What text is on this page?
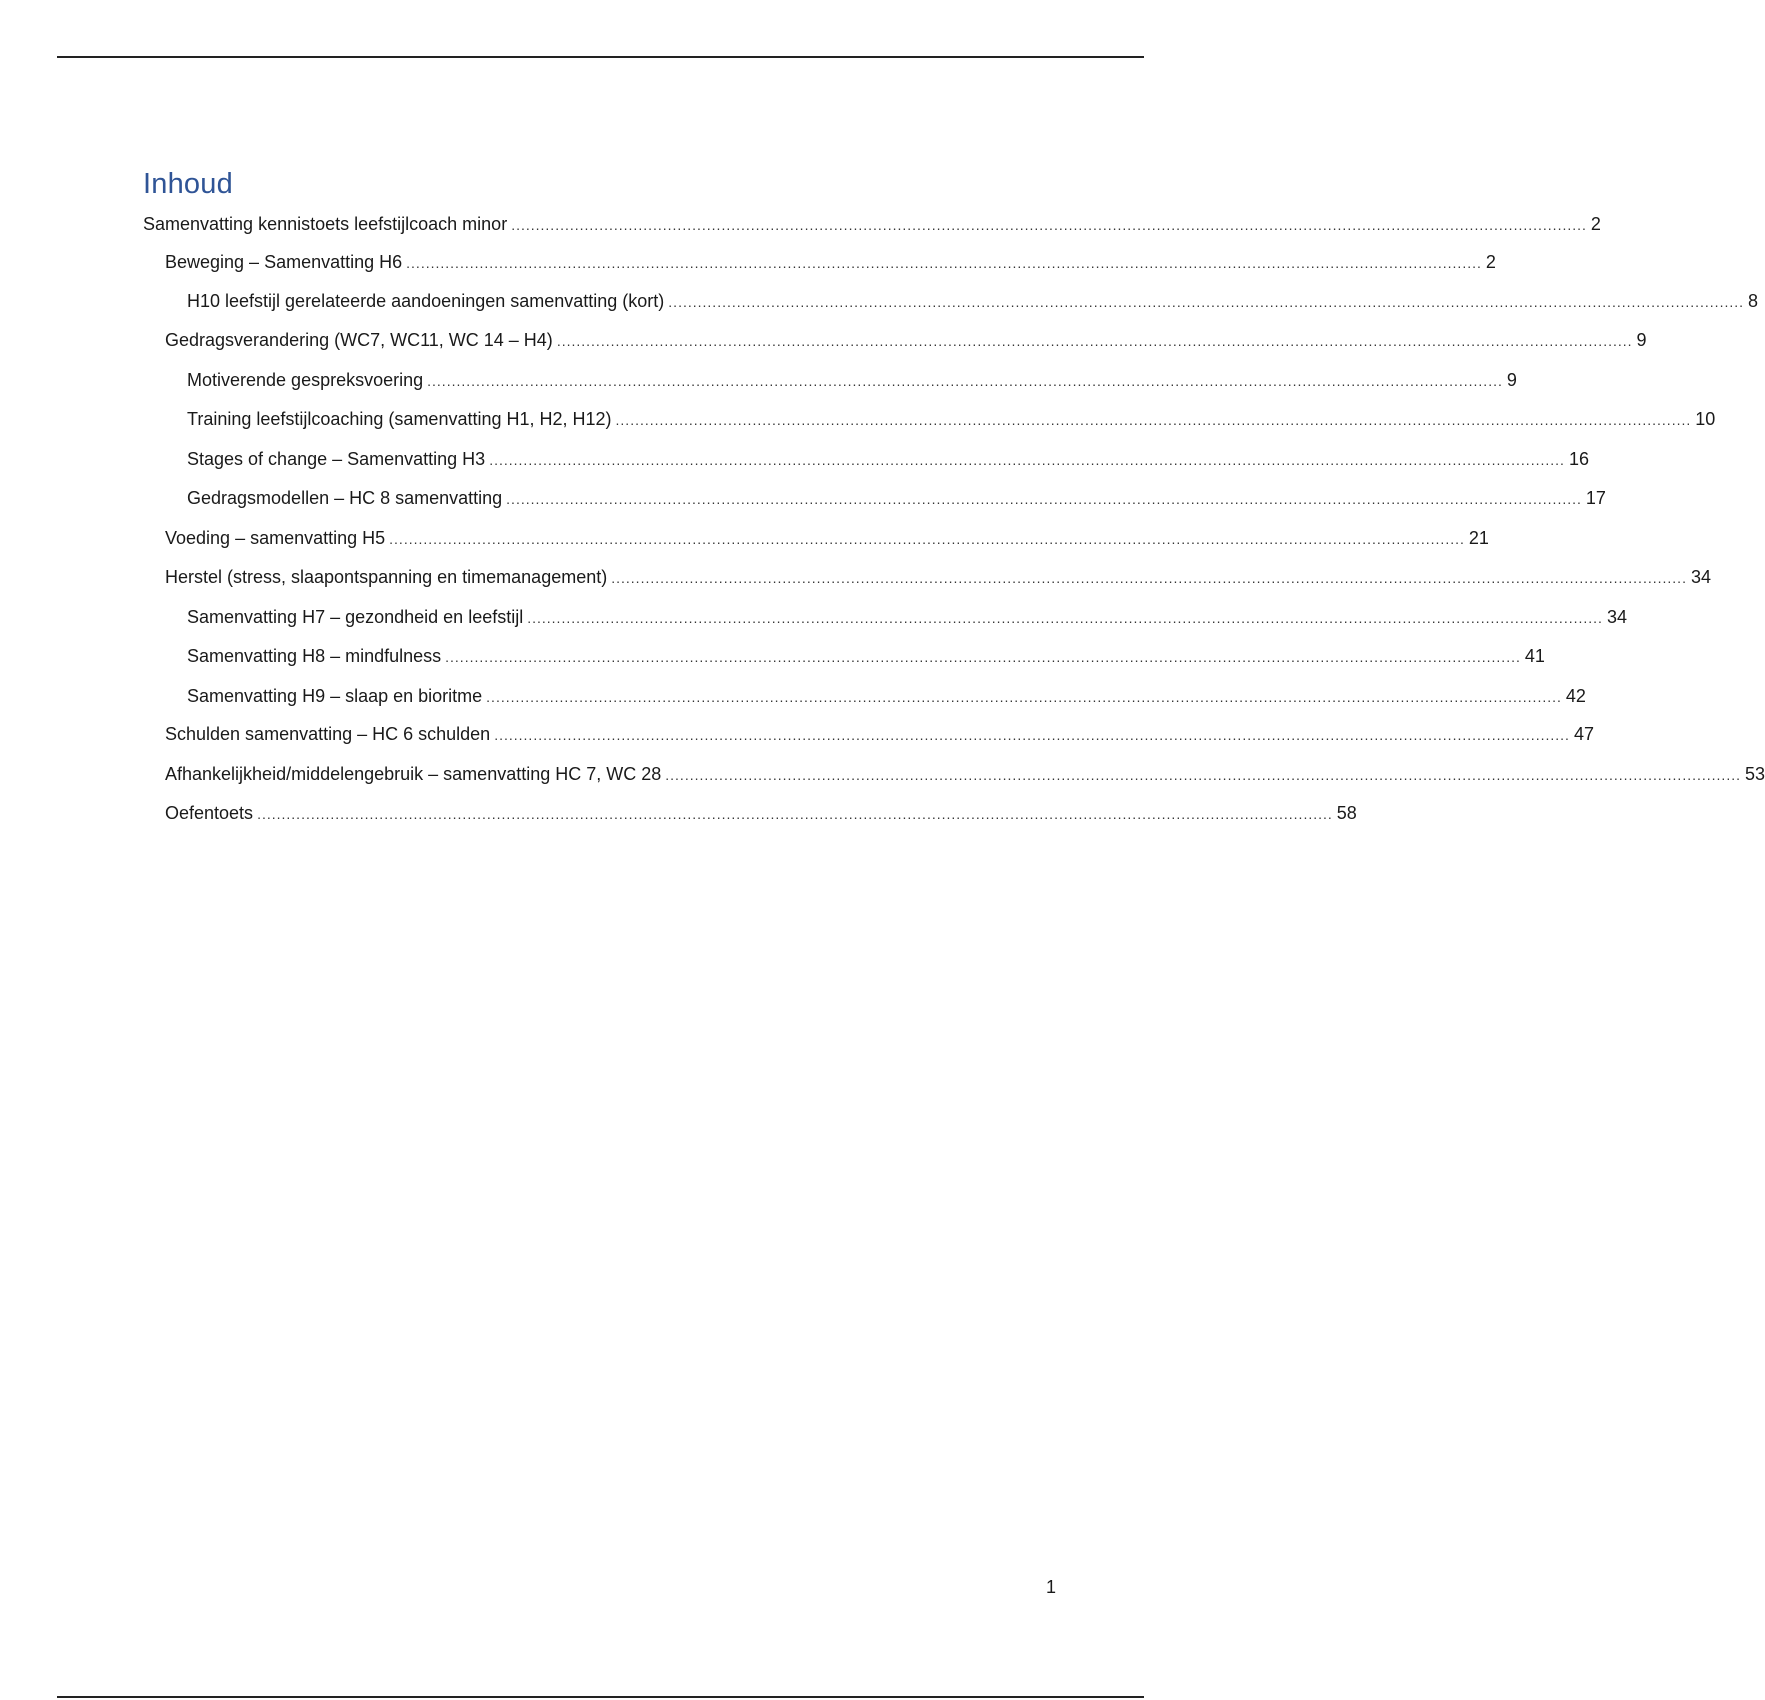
Inhoud
Samenvatting kennistoets leefstijlcoach minor ............................................................................................................................................................................................................................ 2
Beweging – Samenvatting H6 ............................................................................................................................................................................................................................ 2
H10 leefstijl gerelateerde aandoeningen samenvatting (kort) ............................................................................................................................................................................................................................ 8
Gedragsverandering (WC7, WC11, WC 14 – H4) ............................................................................................................................................................................................................................ 9
Motiverende gespreksvoering ............................................................................................................................................................................................................................ 9
Training leefstijlcoaching (samenvatting H1, H2, H12) ............................................................................................................................................................................................................................ 10
Stages of change – Samenvatting H3 ............................................................................................................................................................................................................................ 16
Gedragsmodellen – HC 8 samenvatting ............................................................................................................................................................................................................................ 17
Voeding – samenvatting H5 ............................................................................................................................................................................................................................ 21
Herstel (stress, slaapontspanning en timemanagement) ............................................................................................................................................................................................................................ 34
Samenvatting H7 – gezondheid en leefstijl ............................................................................................................................................................................................................................ 34
Samenvatting H8 – mindfulness ............................................................................................................................................................................................................................ 41
Samenvatting H9 – slaap en bioritme ............................................................................................................................................................................................................................ 42
Schulden samenvatting – HC 6 schulden ............................................................................................................................................................................................................................ 47
Afhankelijkheid/middelengebruik – samenvatting HC 7, WC 28 ............................................................................................................................................................................................................................ 53
Oefentoets ............................................................................................................................................................................................................................ 58
1
